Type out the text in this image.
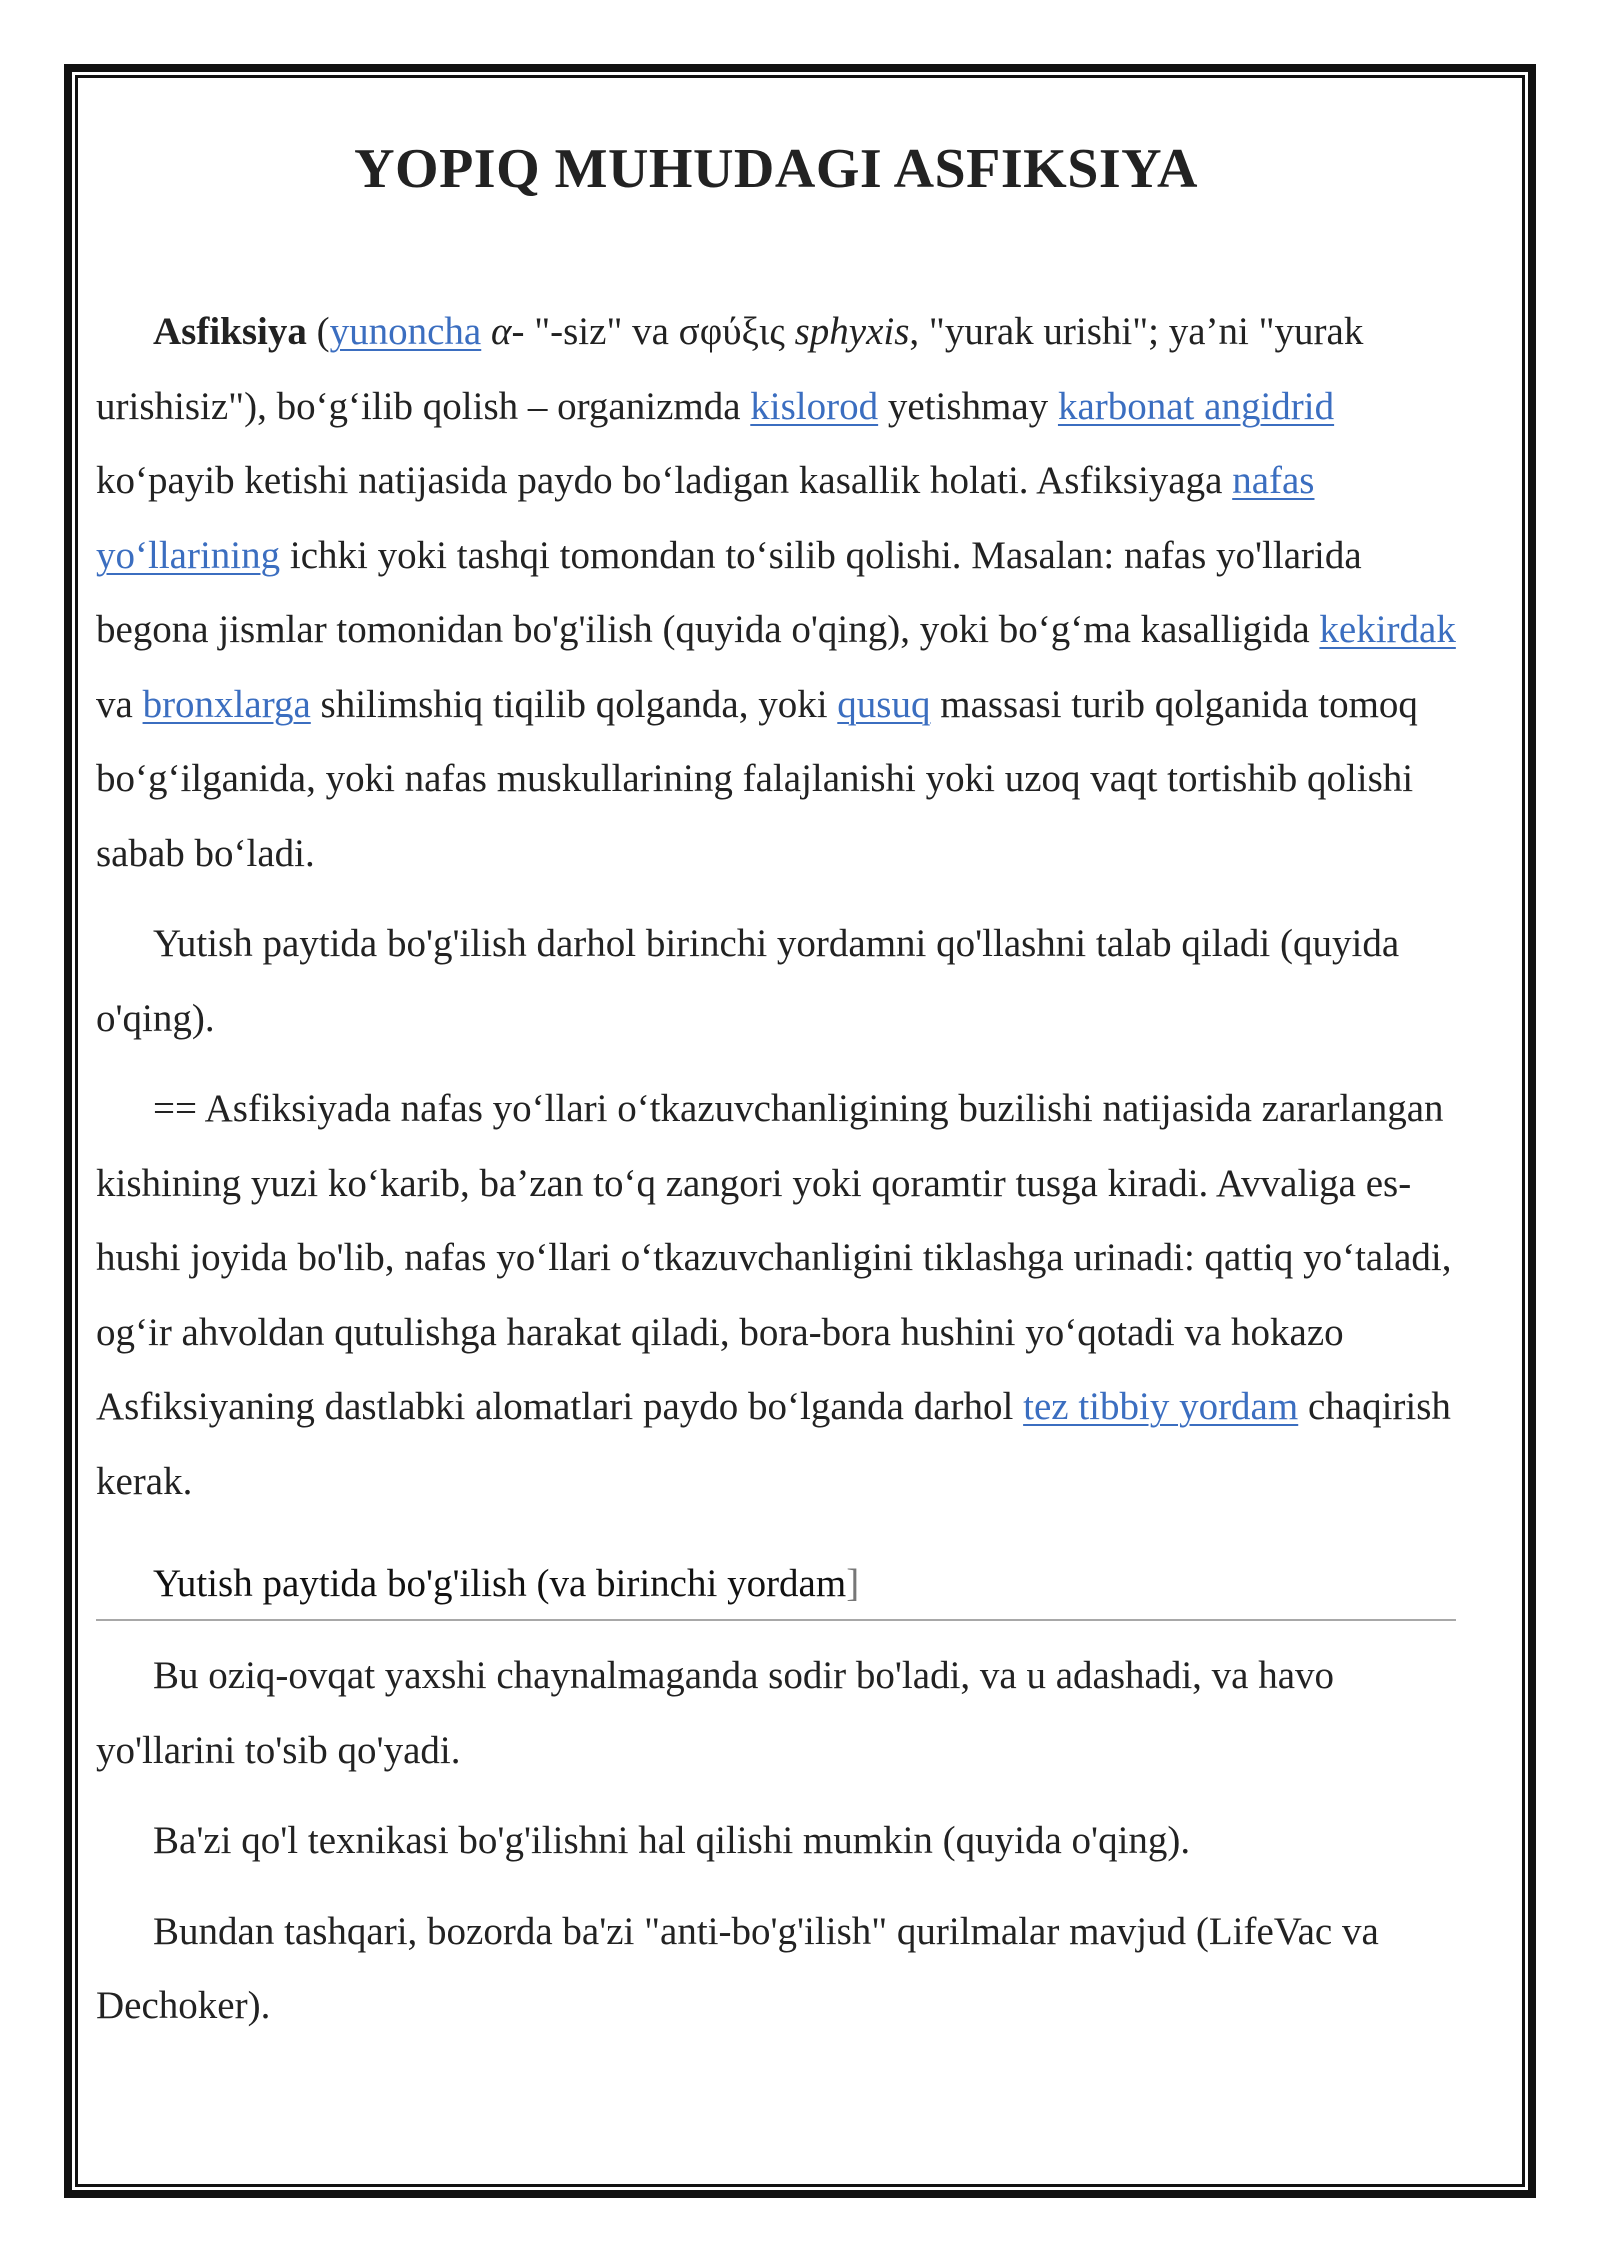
YOPIQ MUHUDAGI ASFIKSIYA

Asfiksiya (yunoncha α- "-siz" va σφύξις sphyxis, "yurak urishi"; ya’ni "yurak urishisiz"), bo‘g‘ilib qolish – organizmda kislorod yetishmay karbonat angidrid ko‘payib ketishi natijasida paydo bo‘ladigan kasallik holati. Asfiksiyaga nafas yo‘llarining ichki yoki tashqi tomondan to‘silib qolishi. Masalan: nafas yo'llarida begona jismlar tomonidan bo'g'ilish (quyida o'qing), yoki bo‘g‘ma kasalligida kekirdak va bronxlarga shilimshiq tiqilib qolganda, yoki qusuq massasi turib qolganida tomoq bo‘g‘ilganida, yoki nafas muskullarining falajlanishi yoki uzoq vaqt tortishib qolishi sabab bo‘ladi.

Yutish paytida bo'g'ilish darhol birinchi yordamni qo'llashni talab qiladi (quyida o'qing).

== Asfiksiyada nafas yo‘llari o‘tkazuvchanligining buzilishi natijasida zararlangan kishining yuzi ko‘karib, ba’zan to‘q zangori yoki qoramtir tusga kiradi. Avvaliga es-hushi joyida bo'lib, nafas yo‘llari o‘tkazuvchanligini tiklashga urinadi: qattiq yo‘taladi, og‘ir ahvoldan qutulishga harakat qiladi, bora-bora hushini yo‘qotadi va hokazo Asfiksiyaning dastlabki alomatlari paydo bo‘lganda darhol tez tibbiy yordam chaqirish kerak.

Yutish paytida bo'g'ilish (va birinchi yordam]

Bu oziq-ovqat yaxshi chaynalmaganda sodir bo'ladi, va u adashadi, va havo yo'llarini to'sib qo'yadi.

Ba'zi qo'l texnikasi bo'g'ilishni hal qilishi mumkin (quyida o'qing).

Bundan tashqari, bozorda ba'zi "anti-bo'g'ilish" qurilmalar mavjud (LifeVac va Dechoker).
